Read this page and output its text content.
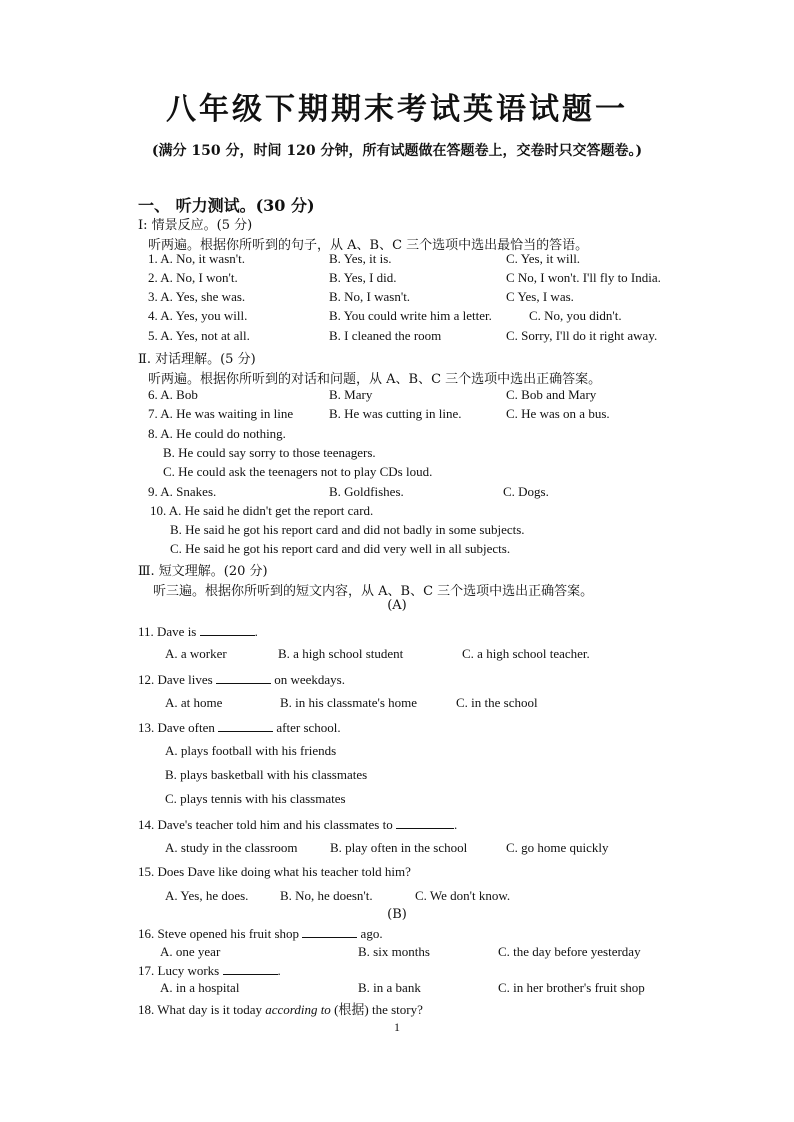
八年级下期期末考试英语试题一
(满分 150 分，时间 120 分钟，所有试题做在答题卷上，交卷时只交答题卷。)
一、 听力测试。(30 分)
Ⅰ: 情景反应。(5 分)
听两遍。根据你所听到的句子，从 A、B、C 三个选项中选出最恰当的答语。
1. A. No, it wasn't.	B. Yes, it is.	C. Yes, it will.
2. A. No, I won't.	B. Yes, I did.	C No, I won't. I'll fly to India.
3. A. Yes, she was.	B. No, I wasn't.	C Yes, I was.
4. A. Yes, you will.	B. You could write him a letter.	C. No, you didn't.
5. A. Yes, not at all.	B. I cleaned the room	C. Sorry, I'll do it right away.
Ⅱ. 对话理解。(5 分)
听两遍。根据你所听到的对话和问题，从 A、B、C 三个选项中选出正确答案。
6. A. Bob	B. Mary	C. Bob and Mary
7. A. He was waiting in line	B. He was cutting in line.	C. He was on a bus.
8. A. He could do nothing.
B. He could say sorry to those teenagers.
C. He could ask the teenagers not to play CDs loud.
9. A. Snakes.	B. Goldfishes.	C. Dogs.
10. A. He said he didn't get the report card.
B. He said he got his report card and did not badly in some subjects.
C. He said he got his report card and did very well in all subjects.
Ⅲ. 短文理解。(20 分)
听三遍。根据你所听到的短文内容，从 A、B、C 三个选项中选出正确答案。
(A)
11. Dave is	.
A. a worker	B. a high school student	C. a high school teacher.
12. Dave lives	on weekdays.
A. at home	B. in his classmate's home	C. in the school
13. Dave often	after school.
A. plays football with his friends
B. plays basketball with his classmates
C. plays tennis with his classmates
14. Dave's teacher told him and his classmates to	.
A. study in the classroom B. play often in the school	C. go home quickly
15. Does Dave like doing what his teacher told him?
A. Yes, he does. B. No, he doesn't.	C. We don't know.
(B)
16. Steve opened his fruit shop	ago.
A. one year	B. six months	C. the day before yesterday
17. Lucy works	.
A. in a hospital	B. in a bank	C. in her brother's fruit shop
18. What day is it today according to (根据) the story?
1
